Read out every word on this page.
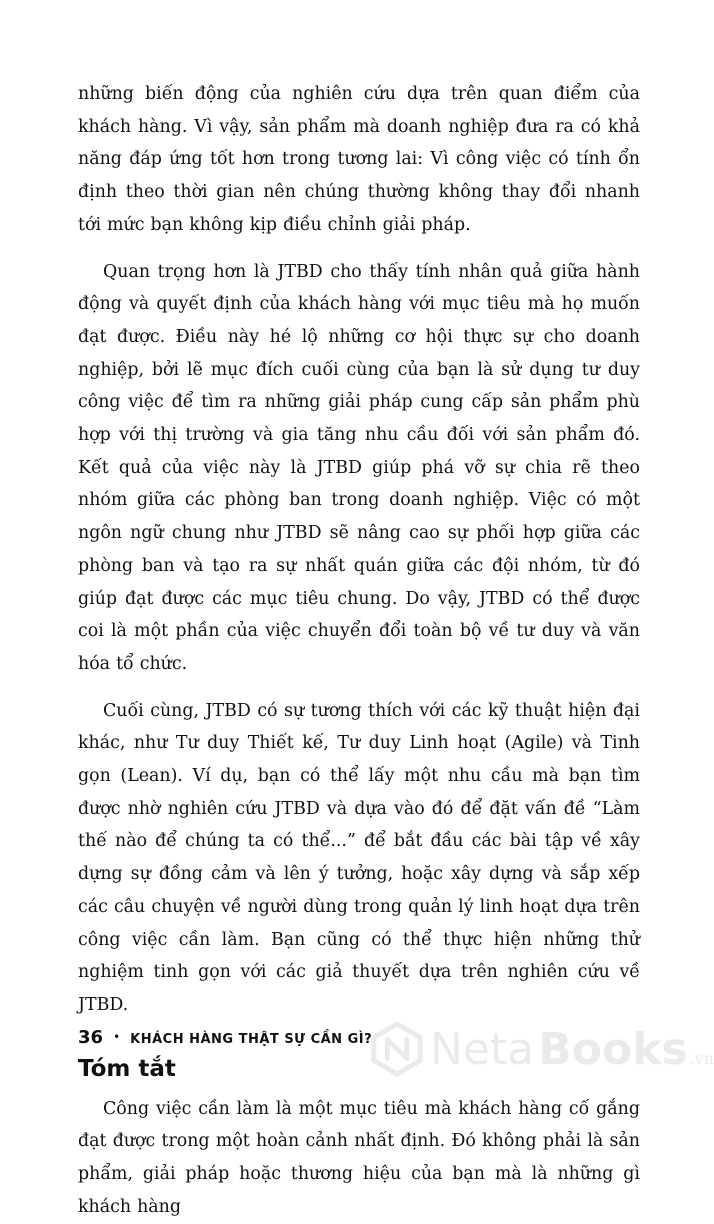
những biến động của nghiên cứu dựa trên quan điểm của khách hàng. Vì vậy, sản phẩm mà doanh nghiệp đưa ra có khả năng đáp ứng tốt hơn trong tương lai: Vì công việc có tính ổn định theo thời gian nên chúng thường không thay đổi nhanh tới mức bạn không kịp điều chỉnh giải pháp.

Quan trọng hơn là JTBD cho thấy tính nhân quả giữa hành động và quyết định của khách hàng với mục tiêu mà họ muốn đạt được. Điều này hé lộ những cơ hội thực sự cho doanh nghiệp, bởi lẽ mục đích cuối cùng của bạn là sử dụng tư duy công việc để tìm ra những giải pháp cung cấp sản phẩm phù hợp với thị trường và gia tăng nhu cầu đối với sản phẩm đó. Kết quả của việc này là JTBD giúp phá vỡ sự chia rẽ theo nhóm giữa các phòng ban trong doanh nghiệp. Việc có một ngôn ngữ chung như JTBD sẽ nâng cao sự phối hợp giữa các phòng ban và tạo ra sự nhất quán giữa các đội nhóm, từ đó giúp đạt được các mục tiêu chung. Do vậy, JTBD có thể được coi là một phần của việc chuyển đổi toàn bộ về tư duy và văn hóa tổ chức.

Cuối cùng, JTBD có sự tương thích với các kỹ thuật hiện đại khác, như Tư duy Thiết kế, Tư duy Linh hoạt (Agile) và Tinh gọn (Lean). Ví dụ, bạn có thể lấy một nhu cầu mà bạn tìm được nhờ nghiên cứu JTBD và dựa vào đó để đặt vấn đề “Làm thế nào để chúng ta có thể...” để bắt đầu các bài tập về xây dựng sự đồng cảm và lên ý tưởng, hoặc xây dựng và sắp xếp các câu chuyện về người dùng trong quản lý linh hoạt dựa trên công việc cần làm. Bạn cũng có thể thực hiện những thử nghiệm tinh gọn với các giả thuyết dựa trên nghiên cứu về JTBD.

Tóm tắt

Công việc cần làm là một mục tiêu mà khách hàng cố gắng đạt được trong một hoàn cảnh nhất định. Đó không phải là sản phẩm, giải pháp hoặc thương hiệu của bạn mà là những gì khách hàng

36 • KHÁCH HÀNG THẬT SỰ CẦN GÌ? Neta Books .vn
